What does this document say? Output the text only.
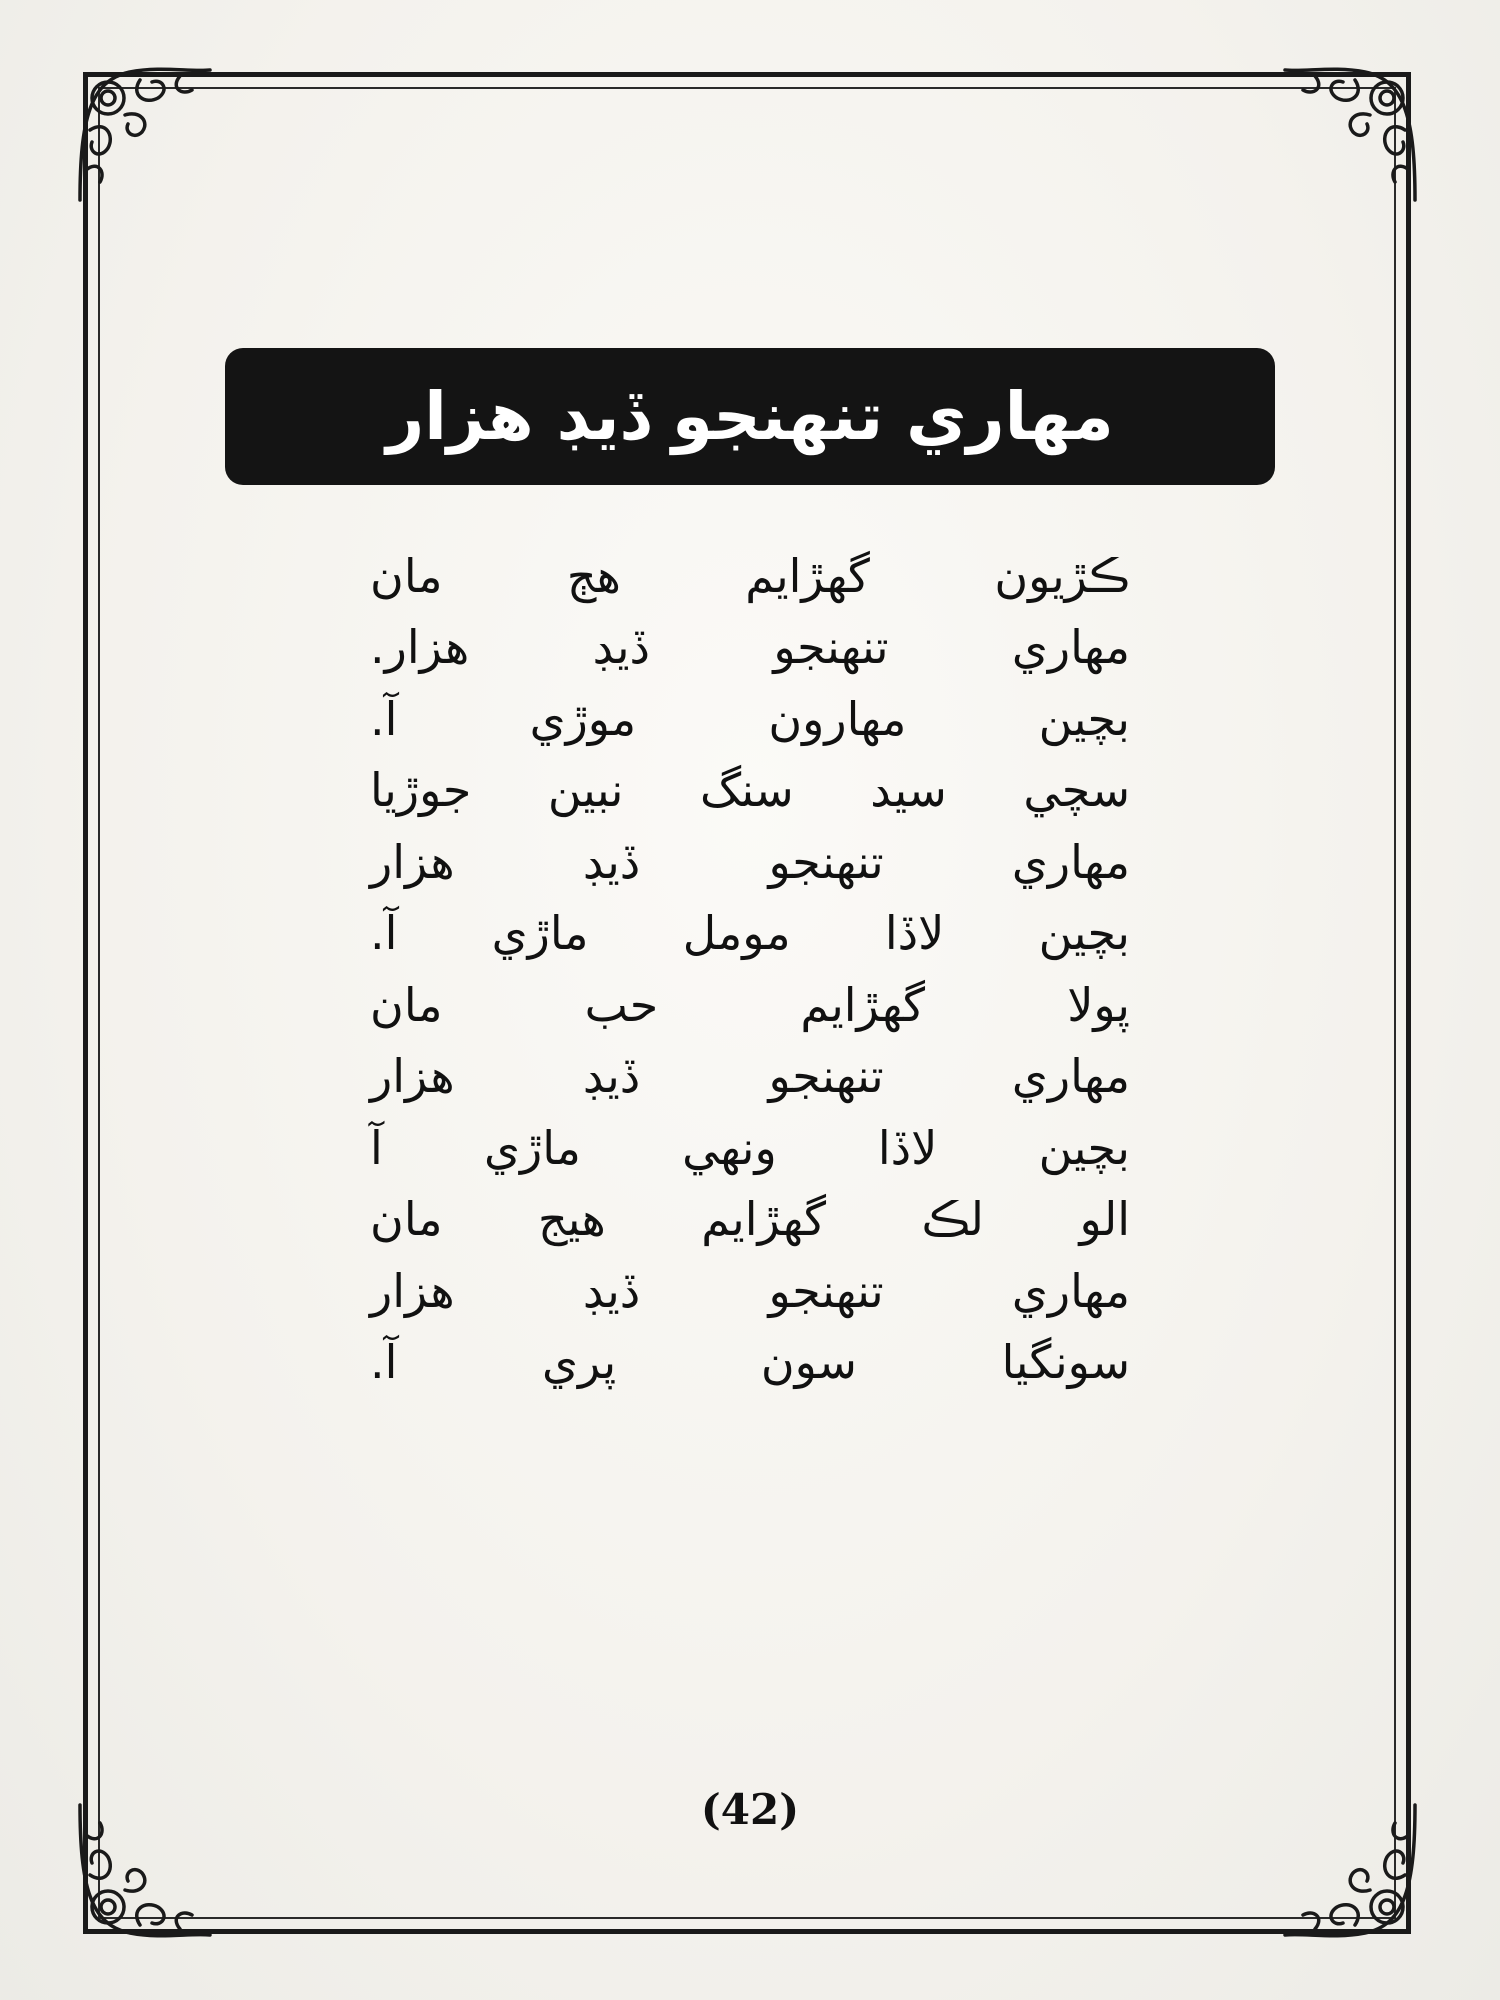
مهاري تنهنجو ڏيڊ هزار
ڪڙيون
گهڙايم
هڄ
مان
مهاري
تنهنجو
ڏيڊ
هزار.
بچين
مهارون
موڙي
آ.
سچي
سيد
سنگ
نبين
جوڙيا
مهاري
تنهنجو
ڏيڊ
هزار
بچين
لاڏا
مومل
ماڙي
آ.
پولا
گهڙايم
حب
مان
مهاري
تنهنجو
ڏيڊ
هزار
بچين
لاڏا
ونهي
ماڙي
آ
الو
لڪ
گهڙايم
هيج
مان
مهاري
تنهنجو
ڏيڊ
هزار
سونگيا
سون
پري
آ.
(42)
